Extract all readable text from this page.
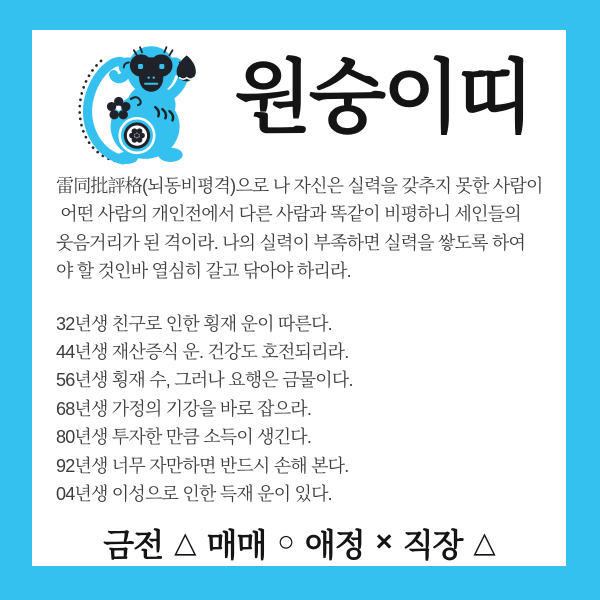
원숭이띠
雷同批評格(뇌동비평격)으로 나 자신은 실력을 갖추지 못한 사람이
어떤 사람의 개인전에서 다른 사람과 똑같이 비평하니 세인들의
웃음거리가 된 격이라. 나의 실력이 부족하면 실력을 쌓도록 하여
야 할 것인바 열심히 갈고 닦아야 하리라.
32년생 친구로 인한 횡재 운이 따른다.
44년생 재산증식 운. 건강도 호전되리라.
56년생 횡재 수, 그러나 요행은 금물이다.
68년생 가정의 기강을 바로 잡으라.
80년생 투자한 만큼 소득이 생긴다.
92년생 너무 자만하면 반드시 손해 본다.
04년생 이성으로 인한 득재 운이 있다.
금전 △ 매매 ○ 애정 × 직장 △
